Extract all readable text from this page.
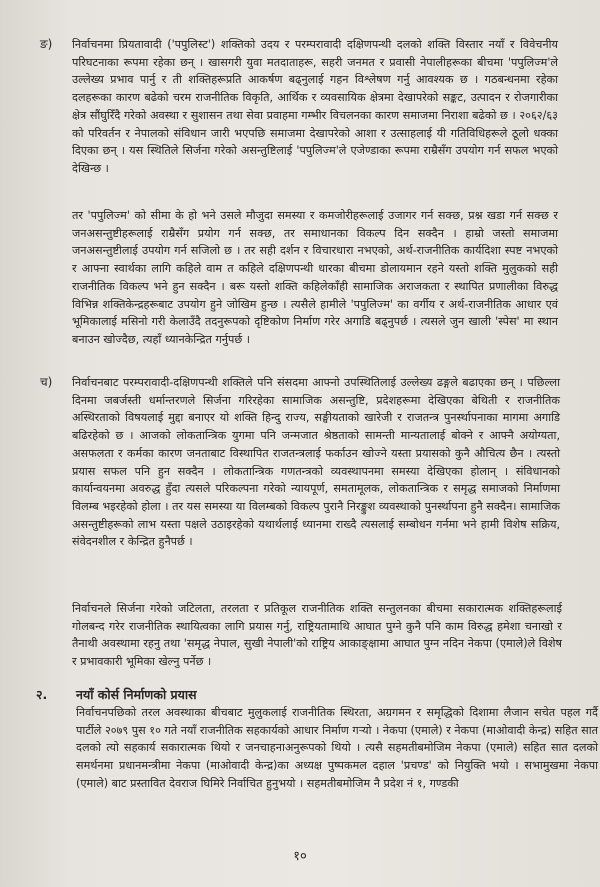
ङ) निर्वाचनमा प्रियतावादी ('पपुलिस्ट') शक्तिको उदय र परम्परावादी दक्षिणपन्थी दलको शक्ति विस्तार नयाँ र विवेचनीय परिघटनाका रूपमा रहेका छन् । खासगरी युवा मतदाताहरू, सहरी जनमत र प्रवासी नेपालीहरूका बीचमा 'पपुलिज्म'ले उल्लेख्य प्रभाव पार्नु र ती शक्तिहरूप्रति आकर्षण बढ्नुलाई गहन विश्लेषण गर्नु आवश्यक छ । गठबन्धनमा रहेका दलहरूका कारण बढेको चरम राजनीतिक विकृति, आर्थिक र व्यवसायिक क्षेत्रमा देखापरेको सङ्कट, उत्पादन र रोजगारीका क्षेत्र सौंघुरिँदै गरेको अवस्था र सुशासन तथा सेवा प्रवाहमा गम्भीर विचलनका कारण समाजमा निराशा बढेको छ । २०६२/६३ को परिवर्तन र नेपालको संविधान जारी भएपछि समाजमा देखापरेको आशा र उत्साहलाई यी गतिविधिहरूले ठूलो धक्का दिएका छन् । यस स्थितिले सिर्जना गरेको असन्तुष्टिलाई 'पपुलिज्म'ले एजेण्डाका रूपमा राम्रैसँग उपयोग गर्न सफल भएको देखिन्छ ।

तर 'पपुलिज्म' को सीमा के हो भने उसले मौजुदा समस्या र कमजोरीहरूलाई उजागर गर्न सक्छ, प्रश्न खडा गर्न सक्छ र जनअसन्तुष्टीहरूलाई राम्रैसँग प्रयोग गर्न सक्छ, तर समाधानका विकल्प दिन सक्दैन । हाम्रो जस्तो समाजमा जनअसन्तुष्टीलाई उपयोग गर्न सजिलो छ । तर सही दर्शन र विचारधारा नभएको, अर्थ-राजनीतिक कार्यदिशा स्पष्ट नभएको र आफ्ना स्वार्थका लागि कहिले वाम त कहिले दक्षिणपन्थी धारका बीचमा डोलायमान रहने यस्तो शक्ति मुलुकको सही राजनीतिक विकल्प भने हुन सक्दैन । बरू यस्तो शक्ति कहिलेकाँही सामाजिक अराजकता र स्थापित प्रणालीका विरुद्ध विभिन्न शक्तिकेन्द्रहरूबाट उपयोग हुने जोखिम हुन्छ । त्यसैले हामीले 'पपुलिज्म' का वर्गीय र अर्थ-राजनीतिक आधार एवं भूमिकालाई मसिनो गरी केलाउँदै तदनुरूपको दृष्टिकोण निर्माण गरेर अगाडि बढ्नुपर्छ । त्यसले जुन खाली 'स्पेस' मा स्थान बनाउन खोज्दैछ, त्यहाँ ध्यानकेन्द्रित गर्नुपर्छ ।

च) निर्वाचनबाट परम्परावादी-दक्षिणपन्थी शक्तिले पनि संसदमा आफ्नो उपस्थितिलाई उल्लेख्य ढङ्गले बढाएका छन् । पछिल्ला दिनमा जबर्जस्ती धर्मान्तरणले सिर्जना गरिरहेका सामाजिक असन्तुष्टि, प्रदेशहरूमा देखिएका बेथिती र राजनीतिक अस्थिरताको विषयलाई मुद्दा बनाएर यो शक्ति हिन्दु राज्य, सङ्घीयताको खारेजी र राजतन्त्र पुनर्स्थापनाका मागमा अगाडि बढिरहेको छ । आजको लोकतान्त्रिक युगमा पनि जन्मजात श्रेष्ठताको सामन्ती मान्यतालाई बोक्ने र आफ्नै अयोग्यता, असफलता र कर्मका कारण जनताबाट विस्थापित राजतन्त्रलाई फर्काउन खोज्ने यस्ता प्रयासको कुनै औचित्य छैन । त्यस्तो प्रयास सफल पनि हुन सक्दैन । लोकतान्त्रिक गणतन्त्रको व्यवस्थापनमा समस्या देखिएका होलान् । संविधानको कार्यान्वयनमा अवरुद्ध हुँदा त्यसले परिकल्पना गरेको न्यायपूर्ण, समतामूलक, लोकतान्त्रिक र समृद्ध समाजको निर्माणमा विलम्ब भइरहेको होला । तर यस समस्या या विलम्बको विकल्प पुरानै निरङ्कुश व्यवस्थाको पुनर्स्थापना हुनै सक्दैन। सामाजिक असन्तुष्टीहरूको लाभ यस्ता पक्षले उठाइरहेको यथार्थलाई ध्यानमा राख्दै त्यसलाई सम्बोधन गर्नमा भने हामी विशेष सक्रिय, संवेदनशील र केन्द्रित हुनैपर्छ ।

निर्वाचनले सिर्जना गरेको जटिलता, तरलता र प्रतिकूल राजनीतिक शक्ति सन्तुलनका बीचमा सकारात्मक शक्तिहरूलाई गोलबन्द गरेर राजनीतिक स्थायित्वका लागि प्रयास गर्नु, राष्ट्रियतामाथि आघात पुग्ने कुनै पनि काम विरुद्ध हमेशा चनाखो र तैनाथी अवस्थामा रहनु तथा 'समृद्ध नेपाल, सुखी नेपाली'को राष्ट्रिय आकाङ्क्षामा आघात पुग्न नदिन नेकपा (एमाले)ले विशेष र प्रभावकारी भूमिका खेल्नु पर्नेछ ।

२. नयाँ कोर्स निर्माणको प्रयास

निर्वाचनपछिको तरल अवस्थाका बीचबाट मुलुकलाई राजनीतिक स्थिरता, अग्रगमन र समृद्धिको दिशामा लैजान सचेत पहल गर्दै पार्टीले २०७९ पुस १० गते नयाँ राजनीतिक सहकार्यको आधार निर्माण गऱ्यो । नेकपा (एमाले) र नेकपा (माओवादी केन्द्र) सहित सात दलको त्यो सहकार्य सकारात्मक थियो र जनचाहनाअनुरूपको थियो । त्यसै सहमतीबमोजिम नेकपा (एमाले) सहित सात दलको समर्थनमा प्रधानमन्त्रीमा नेकपा (माओवादी केन्द्र)का अध्यक्ष पुष्पकमल दहाल 'प्रचण्ड' को नियुक्ति भयो । सभामुखमा नेकपा (एमाले) बाट प्रस्तावित देवराज घिमिरे निर्वाचित हुनुभयो । सहमतीबमोजिम नै प्रदेश नं १, गण्डकी

१०
